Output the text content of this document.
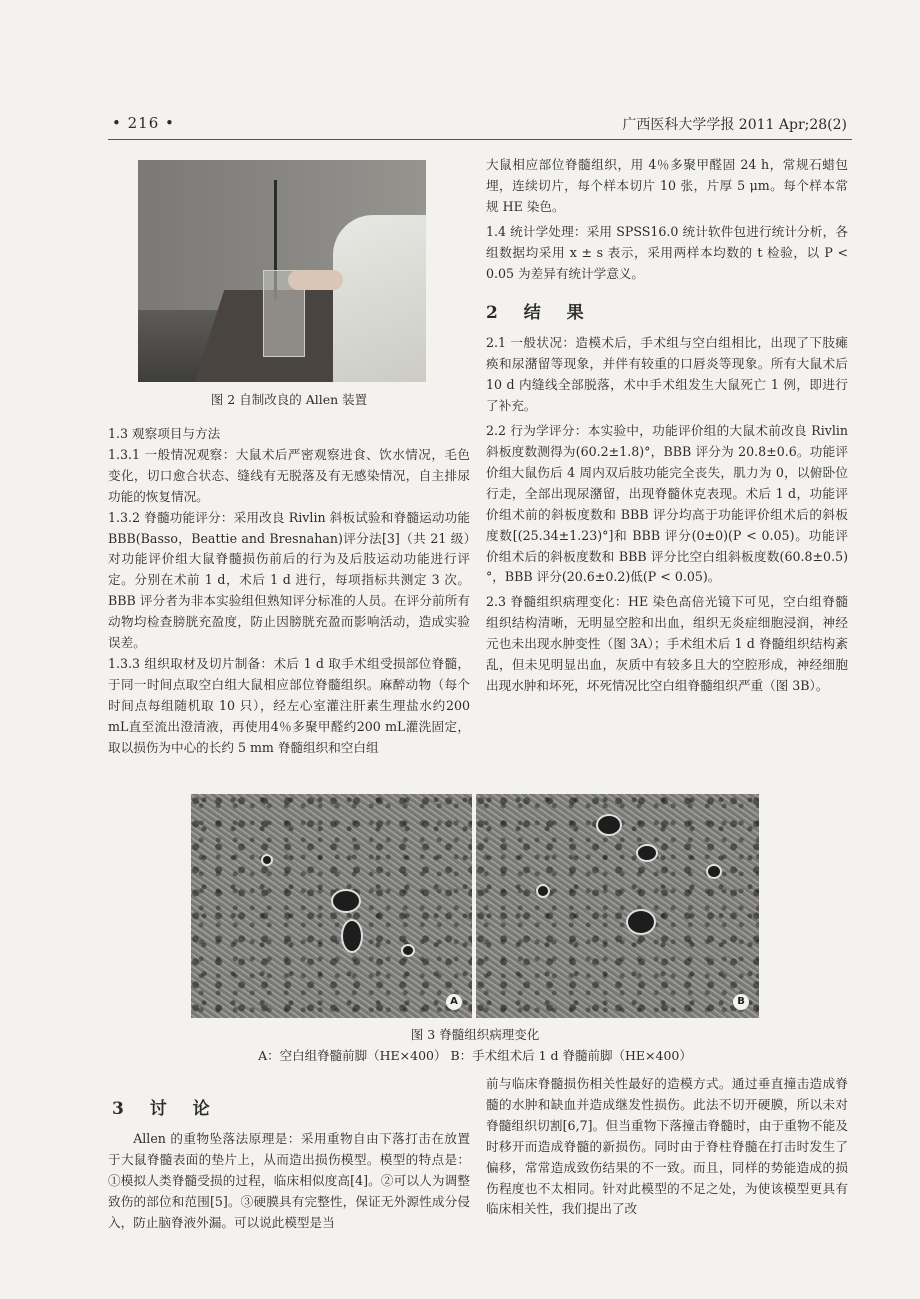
• 216 •	广西医科大学学报 2011 Apr;28(2)

图 2 自制改良的 Allen 装置

1.3 观察项目与方法

1.3.1 一般情况观察：大鼠术后严密观察进食、饮水情况，毛色变化，切口愈合状态、缝线有无脱落及有无感染情况，自主排尿功能的恢复情况。

1.3.2 脊髓功能评分：采用改良 Rivlin 斜板试验和脊髓运动功能 BBB(Basso，Beattie and Bresnahan)评分法[3]（共 21 级）对功能评价组大鼠脊髓损伤前后的行为及后肢运动功能进行评定。分别在术前 1 d，术后 1 d 进行，每项指标共测定 3 次。BBB 评分者为非本实验组但熟知评分标准的人员。在评分前所有动物均检查膀胱充盈度，防止因膀胱充盈而影响活动，造成实验误差。

1.3.3 组织取材及切片制备：术后 1 d 取手术组受损部位脊髓，于同一时间点取空白组大鼠相应部位脊髓组织。麻醉动物（每个时间点每组随机取 10 只），经左心室灌注肝素生理盐水约200 mL直至流出澄清液，再使用4％多聚甲醛约200 mL灌洗固定，取以损伤为中心的长约 5 mm 脊髓组织和空白组

大鼠相应部位脊髓组织，用 4％多聚甲醛固 24 h，常规石蜡包埋，连续切片，每个样本切片 10 张，片厚 5 μm。每个样本常规 HE 染色。

1.4 统计学处理：采用 SPSS16.0 统计软件包进行统计分析，各组数据均采用 x ± s 表示，采用两样本均数的 t 检验，以 P < 0.05 为差异有统计学意义。

2 结 果

2.1 一般状况：造模术后，手术组与空白组相比，出现了下肢瘫痪和尿潴留等现象，并伴有较重的口唇炎等现象。所有大鼠术后 10 d 内缝线全部脱落，术中手术组发生大鼠死亡 1 例，即进行了补充。

2.2 行为学评分：本实验中，功能评价组的大鼠术前改良 Rivlin 斜板度数测得为(60.2±1.8)°，BBB 评分为 20.8±0.6。功能评价组大鼠伤后 4 周内双后肢功能完全丧失，肌力为 0，以俯卧位行走，全部出现尿潴留，出现脊髓休克表现。术后 1 d，功能评价组术前的斜板度数和 BBB 评分均高于功能评价组术后的斜板度数[(25.34±1.23)°]和 BBB 评分(0±0)(P < 0.05)。功能评价组术后的斜板度数和 BBB 评分比空白组斜板度数(60.8±0.5)°，BBB 评分(20.6±0.2)低(P < 0.05)。

2.3 脊髓组织病理变化：HE 染色高倍光镜下可见，空白组脊髓组织结构清晰，无明显空腔和出血，组织无炎症细胞浸润，神经元也未出现水肿变性（图 3A）；手术组术后 1 d 脊髓组织结构紊乱，但未见明显出血，灰质中有较多且大的空腔形成，神经细胞出现水肿和坏死，坏死情况比空白组脊髓组织严重（图 3B）。

A	B

图 3 脊髓组织病理变化

A：空白组脊髓前脚（HE×400） B：手术组术后 1 d 脊髓前脚（HE×400）

3 讨 论

Allen 的重物坠落法原理是：采用重物自由下落打击在放置于大鼠脊髓表面的垫片上，从而造出损伤模型。模型的特点是：①模拟人类脊髓受损的过程，临床相似度高[4]。②可以人为调整致伤的部位和范围[5]。③硬膜具有完整性，保证无外源性成分侵入，防止脑脊液外漏。可以说此模型是当

前与临床脊髓损伤相关性最好的造模方式。通过垂直撞击造成脊髓的水肿和缺血并造成继发性损伤。此法不切开硬膜，所以未对脊髓组织切割[6,7]。但当重物下落撞击脊髓时，由于重物不能及时移开而造成脊髓的新损伤。同时由于脊柱脊髓在打击时发生了偏移，常常造成致伤结果的不一致。而且，同样的势能造成的损伤程度也不太相同。针对此模型的不足之处，为使该模型更具有临床相关性，我们提出了改
